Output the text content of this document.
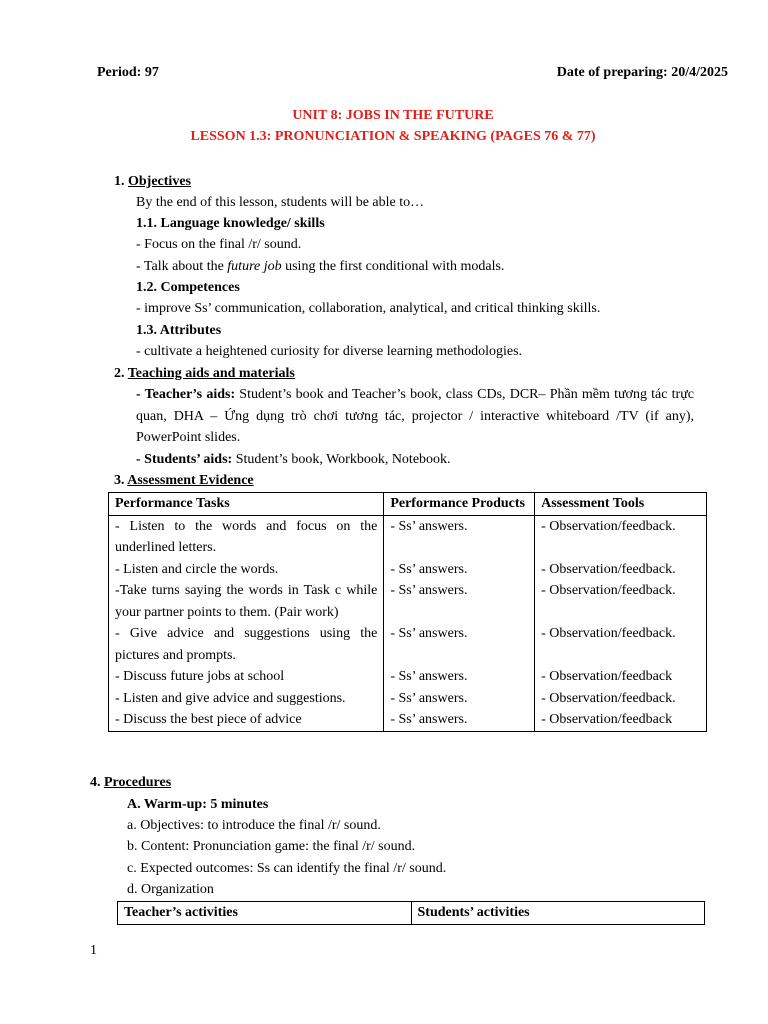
Period: 97	Date of preparing: 20/4/2025
UNIT 8: JOBS IN THE FUTURE
LESSON 1.3: PRONUNCIATION & SPEAKING (PAGES 76 & 77)
1. Objectives
By the end of this lesson, students will be able to…
1.1. Language knowledge/ skills
- Focus on the final /r/ sound.
- Talk about the future job using the first conditional with modals.
1.2. Competences
- improve Ss’ communication, collaboration, analytical, and critical thinking skills.
1.3. Attributes
- cultivate a heightened curiosity for diverse learning methodologies.
2. Teaching aids and materials
- Teacher’s aids: Student’s book and Teacher’s book, class CDs, DCR– Phần mềm tương tác trực quan, DHA – Ứng dụng trò chơi tương tác, projector / interactive whiteboard /TV (if any), PowerPoint slides.
- Students’ aids: Student’s book, Workbook, Notebook.
3. Assessment Evidence
Performance Tasks	Performance Products	Assessment Tools
- Listen to the words and focus on the underlined letters.	- Ss’ answers.	- Observation/feedback.
- Listen and circle the words.	- Ss’ answers.	- Observation/feedback.
-Take turns saying the words in Task c while your partner points to them. (Pair work)	- Ss’ answers.	- Observation/feedback.
- Give advice and suggestions using the pictures and prompts.	- Ss’ answers.	- Observation/feedback.
- Discuss future jobs at school	- Ss’ answers.	- Observation/feedback
- Listen and give advice and suggestions.	- Ss’ answers.	- Observation/feedback.
- Discuss the best piece of advice	- Ss’ answers.	- Observation/feedback
4. Procedures
A. Warm-up: 5 minutes
a. Objectives: to introduce the final /r/ sound.
b. Content: Pronunciation game: the final /r/ sound.
c. Expected outcomes: Ss can identify the final /r/ sound.
d. Organization
Teacher’s activities	Students’ activities
1
